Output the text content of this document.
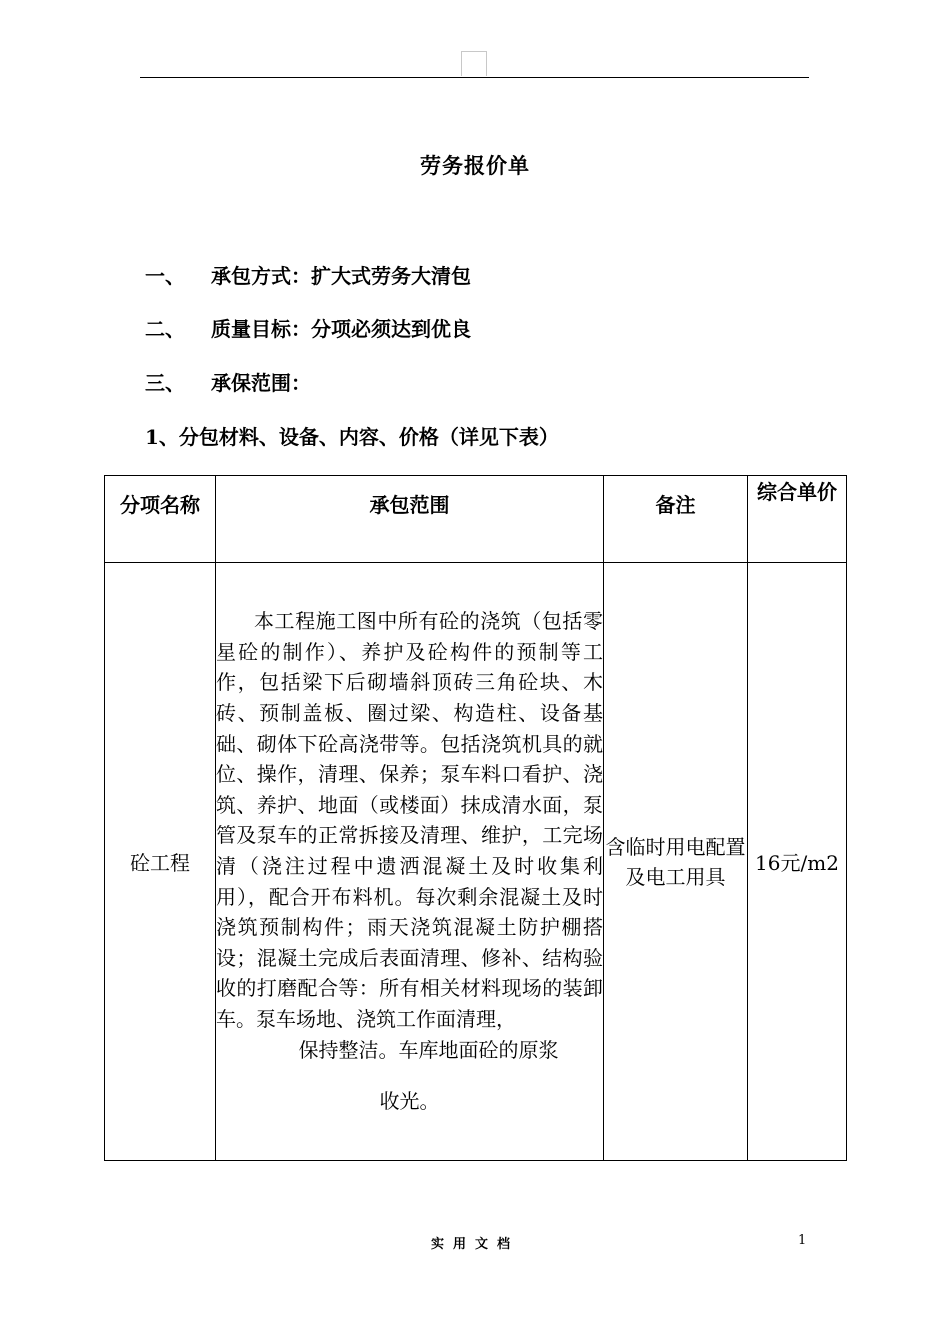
劳务报价单
一、 承包方式：扩大式劳务大清包
二、 质量目标：分项必须达到优良
三、 承保范围：
1、分包材料、设备、内容、价格（详见下表）
分项名称	承包范围	备注	综合单价

砼工程	本工程施工图中所有砼的浇筑（包括零星砼的制作）、养护及砼构件的预制等工作，包括梁下后砌墙斜顶砖三角砼块、木砖、预制盖板、圈过梁、构造柱、设备基础、砌体下砼高浇带等。包括浇筑机具的就位、操作，清理、保养；泵车料口看护、浇筑、养护、地面（或楼面）抹成清水面，泵管及泵车的正常拆接及清理、维护，工完场清（浇注过程中遗洒混凝土及时收集利用），配合开布料机。每次剩余混凝土及时浇筑预制构件；雨天浇筑混凝土防护棚搭设；混凝土完成后表面清理、修补、结构验收的打磨配合等：所有相关材料现场的装卸车。泵车场地、浇筑工作面清理，
保持整洁。车库地面砼的原浆
收光。	含临时用电配置及电工用具	16元/m2
实用文档	1
